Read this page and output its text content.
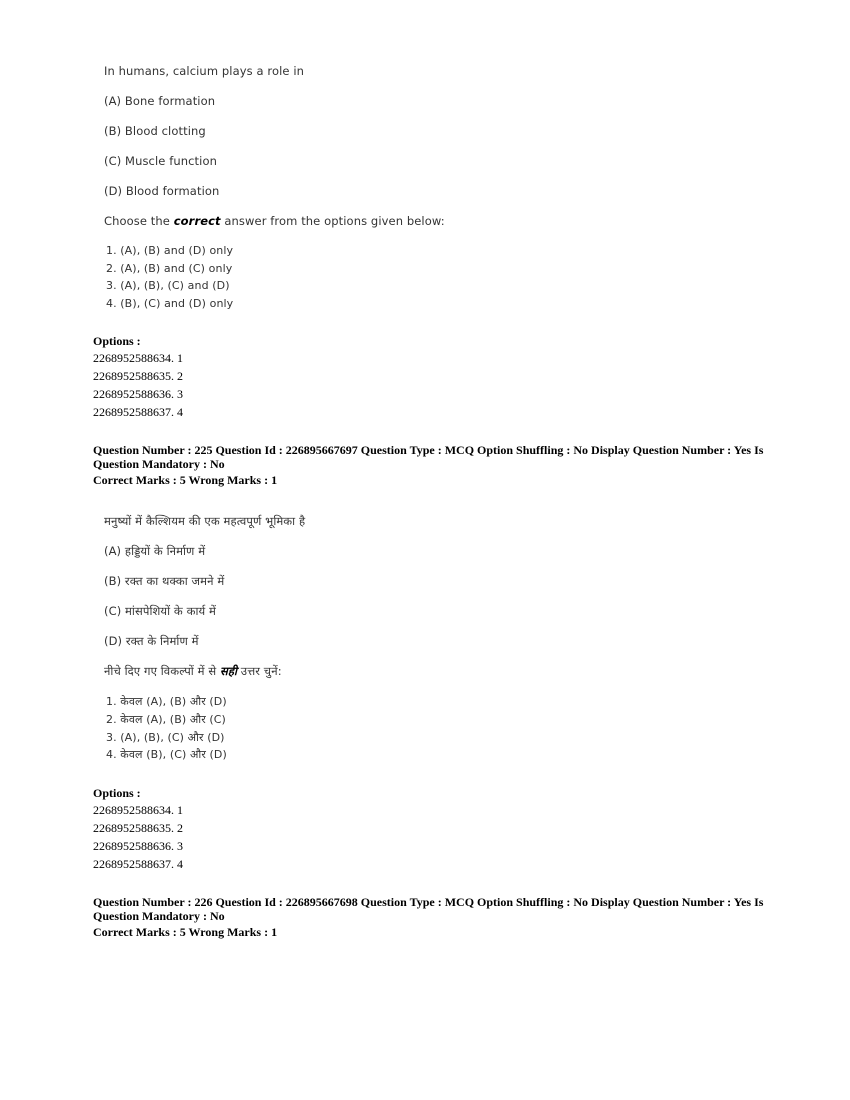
In humans, calcium plays a role in
(A) Bone formation
(B) Blood clotting
(C) Muscle function
(D) Blood formation
Choose the correct answer from the options given below:
1. (A), (B) and (D) only
2. (A), (B) and (C) only
3. (A), (B), (C) and (D)
4. (B), (C) and (D) only
Options :
2268952588634. 1
2268952588635. 2
2268952588636. 3
2268952588637. 4
Question Number : 225 Question Id : 226895667697 Question Type : MCQ Option Shuffling : No Display Question Number : Yes Is
Question Mandatory : No
Correct Marks : 5 Wrong Marks : 1
मनुष्यों में कैल्शियम की एक महत्वपूर्ण भूमिका है
(A) हड्डियों के निर्माण में
(B) रक्त का थक्का जमने में
(C) मांसपेशियों के कार्य में
(D) रक्त के निर्माण में
नीचे दिए गए विकल्पों में से सही उत्तर चुनें:
1. केवल (A), (B) और (D)
2. केवल (A), (B) और (C)
3. (A), (B), (C) और (D)
4. केवल (B), (C) और (D)
Options :
2268952588634. 1
2268952588635. 2
2268952588636. 3
2268952588637. 4
Question Number : 226 Question Id : 226895667698 Question Type : MCQ Option Shuffling : No Display Question Number : Yes Is
Question Mandatory : No
Correct Marks : 5 Wrong Marks : 1
